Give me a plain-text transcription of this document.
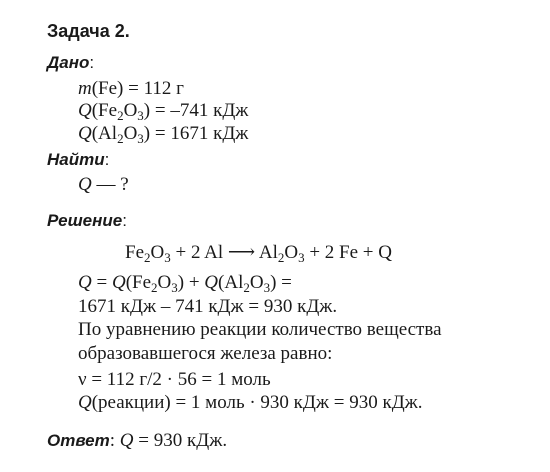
Задача 2.
Дано:
m(Fe) = 112 г
$Q(Fe_2O_3) = -741$ кДж
$Q(Al_2O_3) = 1671$ кДж
Найти:
Q — ?
Решение:
$Fe_2O_3 + 2$ Al ⟶ $Al_2O_3 + 2$ Fe + Q
$Q = Q(Fe_2O_3) + Q(Al_2O_3)$ =
1671 кДж – 741 кДж = 930 кДж.
По уравнению реакции количество вещества
образовавшегося железа равно:
ν = 112 г/2 · 56 = 1 моль
Q(реакции) = 1 моль · 930 кДж = 930 кДж.
Ответ: Q = 930 кДж.
